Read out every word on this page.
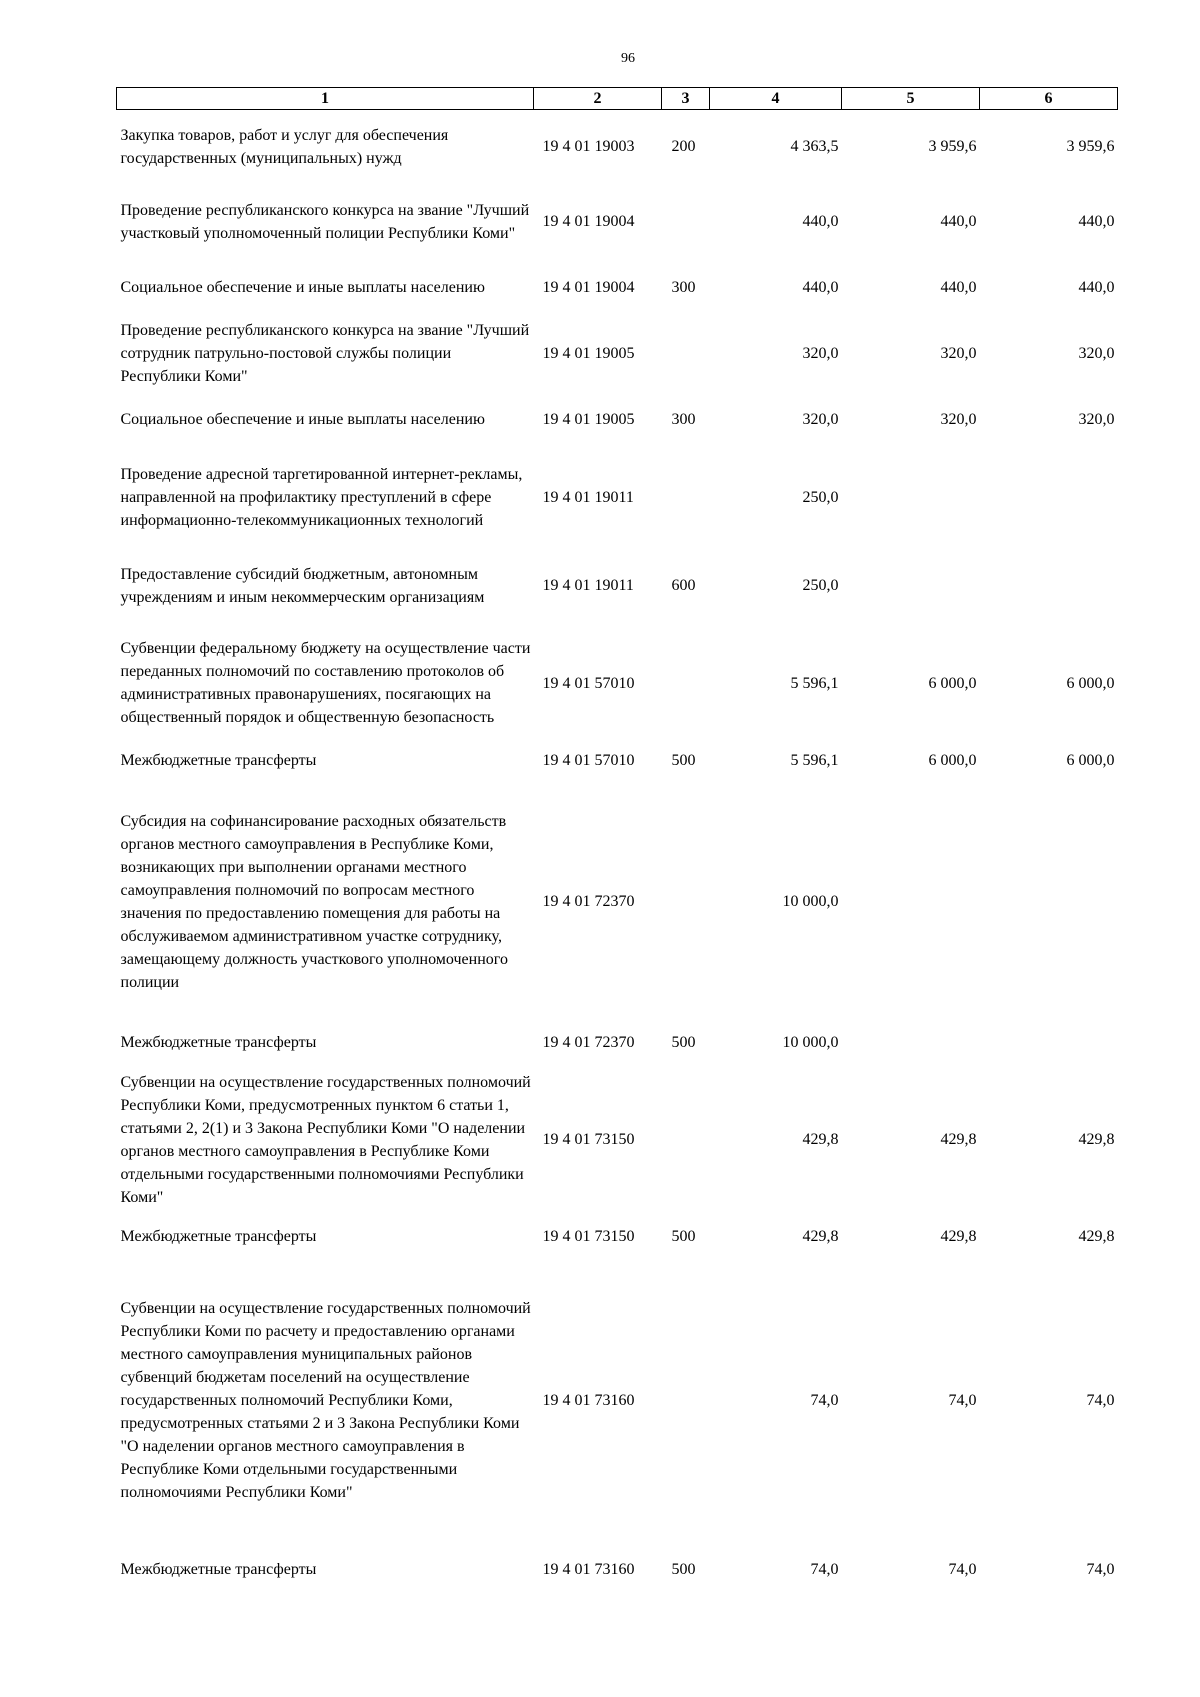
96
1	2	3	4	5	6
Закупка товаров, работ и услуг для обеспечения государственных (муниципальных) нужд	19 4 01 19003	200	4 363,5	3 959,6	3 959,6
Проведение республиканского конкурса на звание "Лучший участковый уполномоченный полиции Республики Коми"	19 4 01 19004		440,0	440,0	440,0
Социальное обеспечение и иные выплаты населению	19 4 01 19004	300	440,0	440,0	440,0
Проведение республиканского конкурса на звание "Лучший сотрудник патрульно-постовой службы полиции Республики Коми"	19 4 01 19005		320,0	320,0	320,0
Социальное обеспечение и иные выплаты населению	19 4 01 19005	300	320,0	320,0	320,0
Проведение адресной таргетированной интернет-рекламы, направленной на профилактику преступлений в сфере информационно-телекоммуникационных технологий	19 4 01 19011		250,0		
Предоставление субсидий бюджетным, автономным учреждениям и иным некоммерческим организациям	19 4 01 19011	600	250,0		
Субвенции федеральному бюджету на осуществление части переданных полномочий по составлению протоколов об административных правонарушениях, посягающих на общественный порядок и общественную безопасность	19 4 01 57010		5 596,1	6 000,0	6 000,0
Межбюджетные трансферты	19 4 01 57010	500	5 596,1	6 000,0	6 000,0
Субсидия на софинансирование расходных обязательств органов местного самоуправления в Республике Коми, возникающих при выполнении органами местного самоуправления полномочий по вопросам местного значения по предоставлению помещения для работы на обслуживаемом административном участке сотруднику, замещающему должность участкового уполномоченного полиции	19 4 01 72370		10 000,0		
Межбюджетные трансферты	19 4 01 72370	500	10 000,0		
Субвенции на осуществление государственных полномочий Республики Коми, предусмотренных пунктом 6 статьи 1, статьями 2, 2(1) и 3 Закона Республики Коми "О наделении органов местного самоуправления в Республике Коми отдельными государственными полномочиями Республики Коми"	19 4 01 73150		429,8	429,8	429,8
Межбюджетные трансферты	19 4 01 73150	500	429,8	429,8	429,8
Субвенции на осуществление государственных полномочий Республики Коми по расчету и предоставлению органами местного самоуправления муниципальных районов субвенций бюджетам поселений на осуществление государственных полномочий Республики Коми, предусмотренных статьями 2 и 3 Закона Республики Коми "О наделении органов местного самоуправления в Республике Коми отдельными государственными полномочиями Республики Коми"	19 4 01 73160		74,0	74,0	74,0
Межбюджетные трансферты	19 4 01 73160	500	74,0	74,0	74,0
